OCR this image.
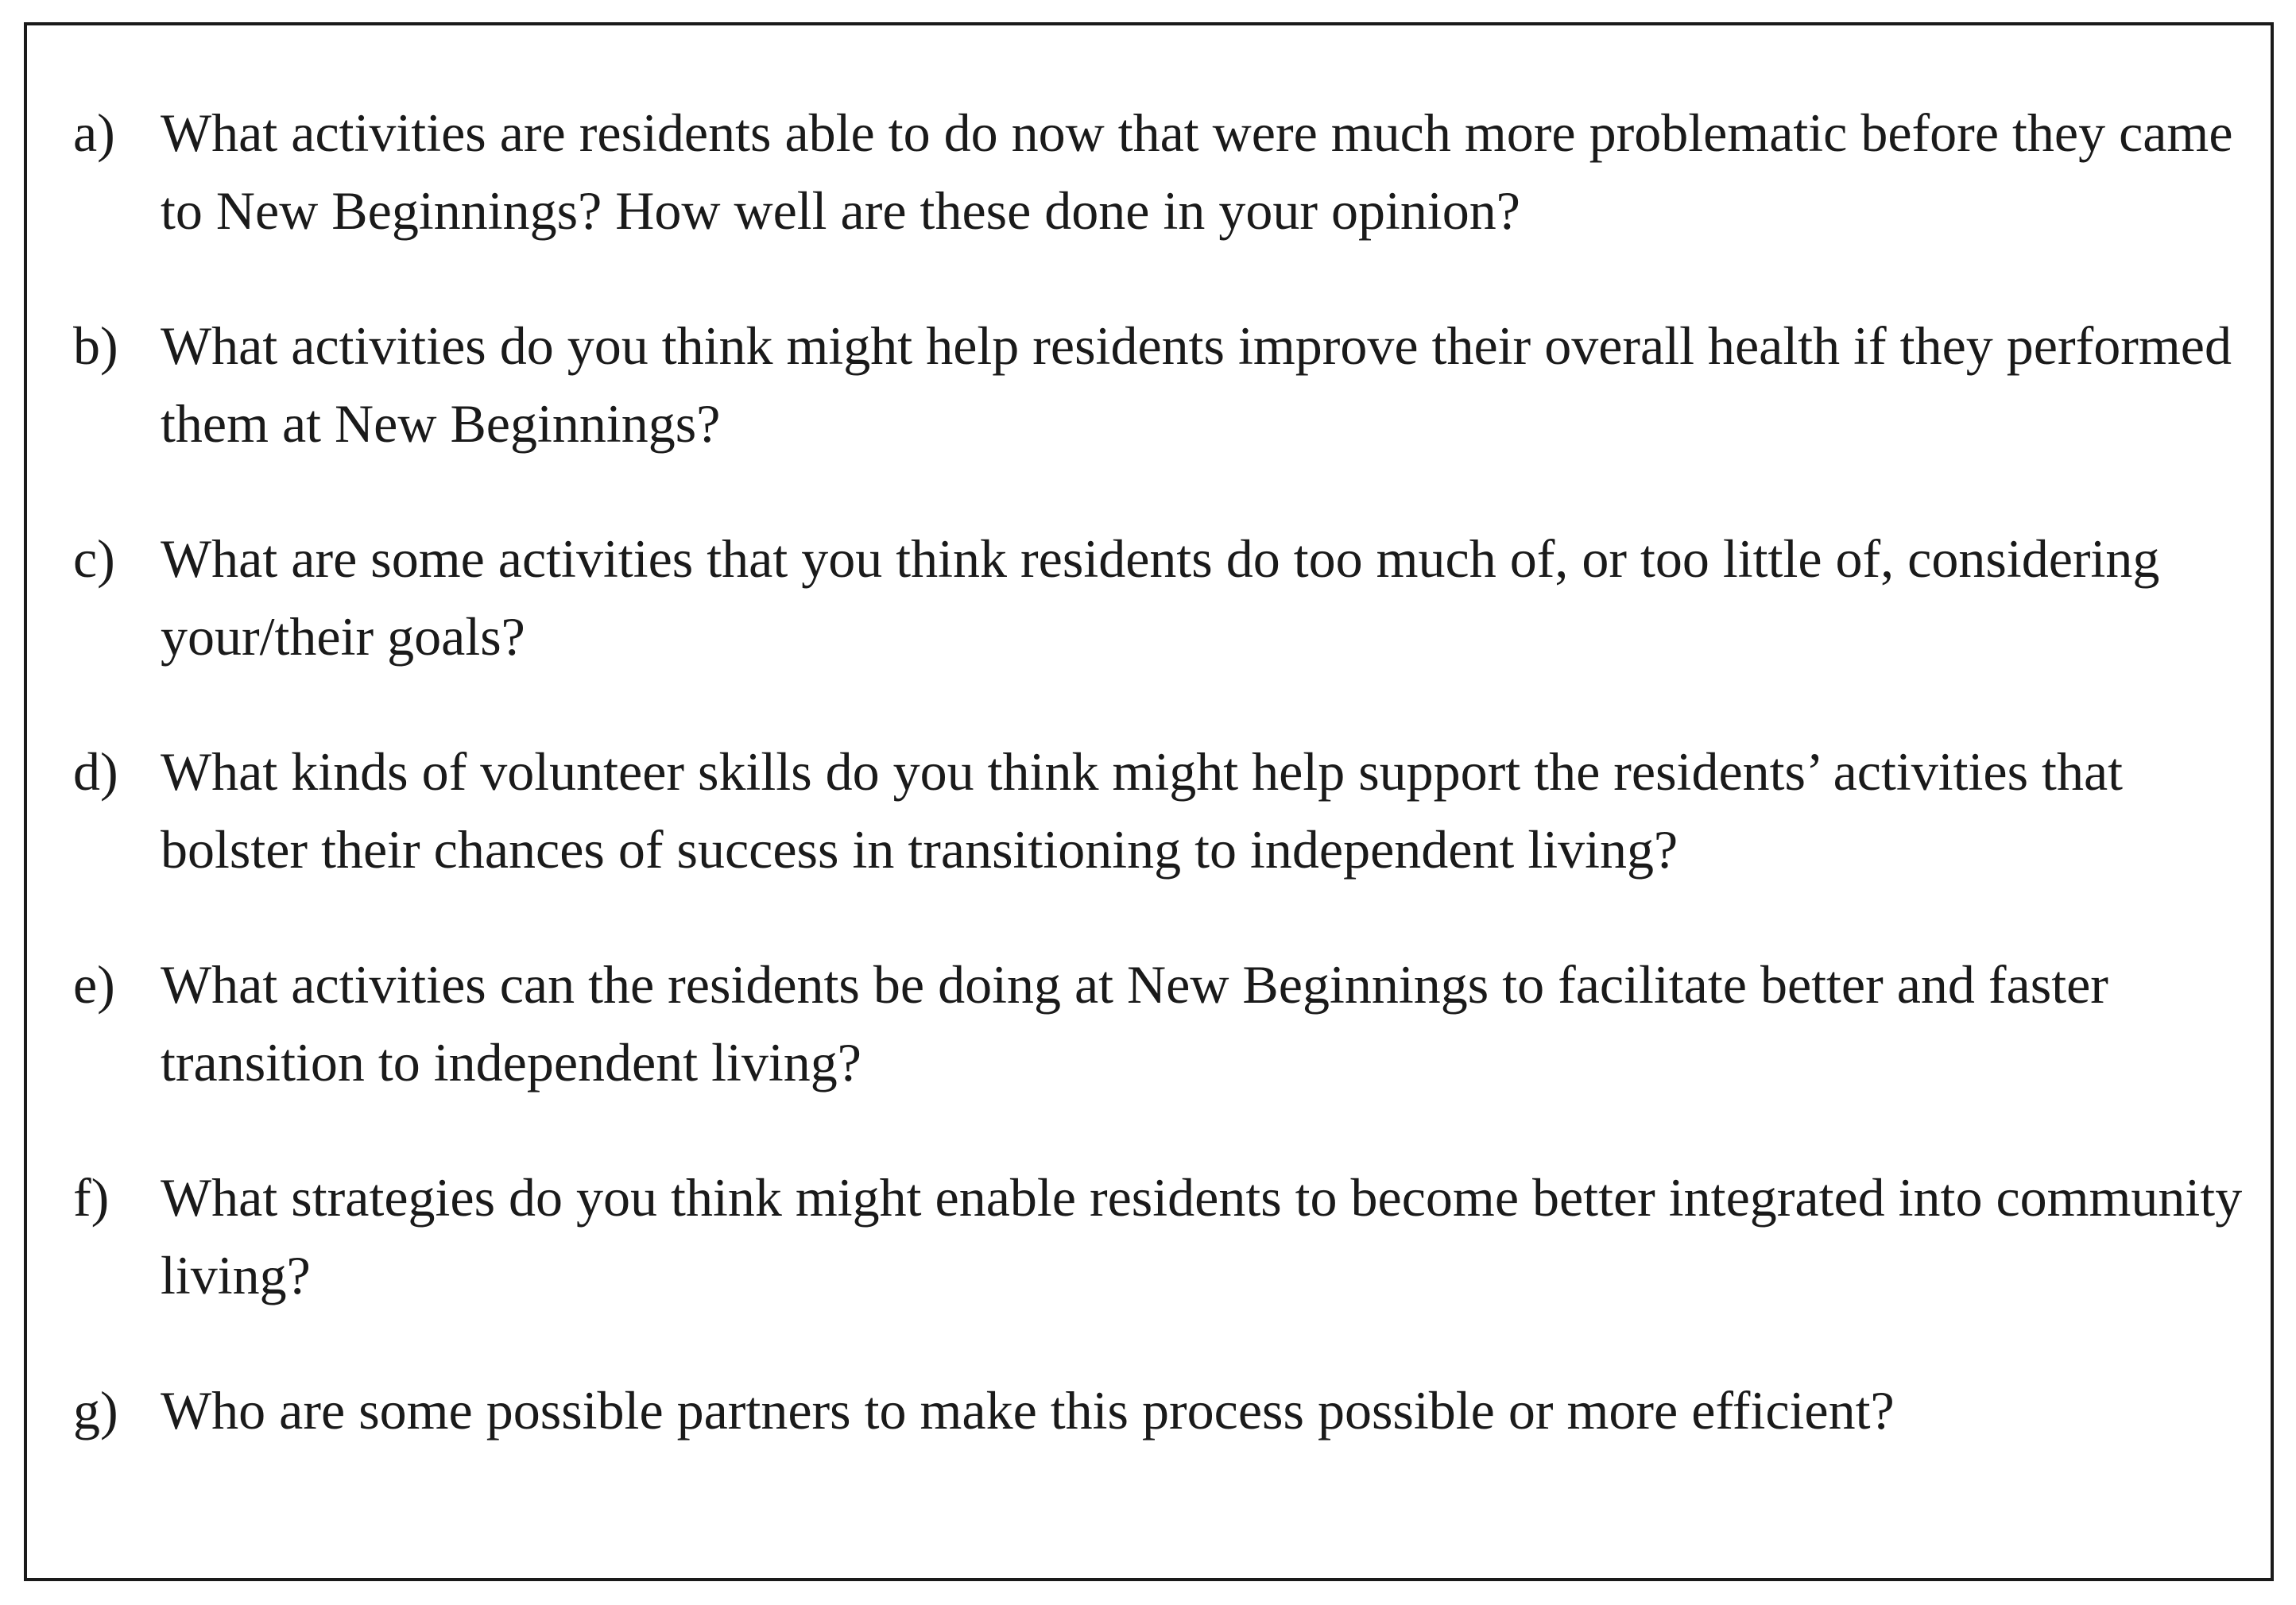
a) What activities are residents able to do now that were much more problematic before they came to New Beginnings? How well are these done in your opinion?
b) What activities do you think might help residents improve their overall health if they performed them at New Beginnings?
c) What are some activities that you think residents do too much of, or too little of, considering your/their goals?
d) What kinds of volunteer skills do you think might help support the residents’ activities that bolster their chances of success in transitioning to independent living?
e) What activities can the residents be doing at New Beginnings to facilitate better and faster transition to independent living?
f) What strategies do you think might enable residents to become better integrated into community living?
g) Who are some possible partners to make this process possible or more efficient?
